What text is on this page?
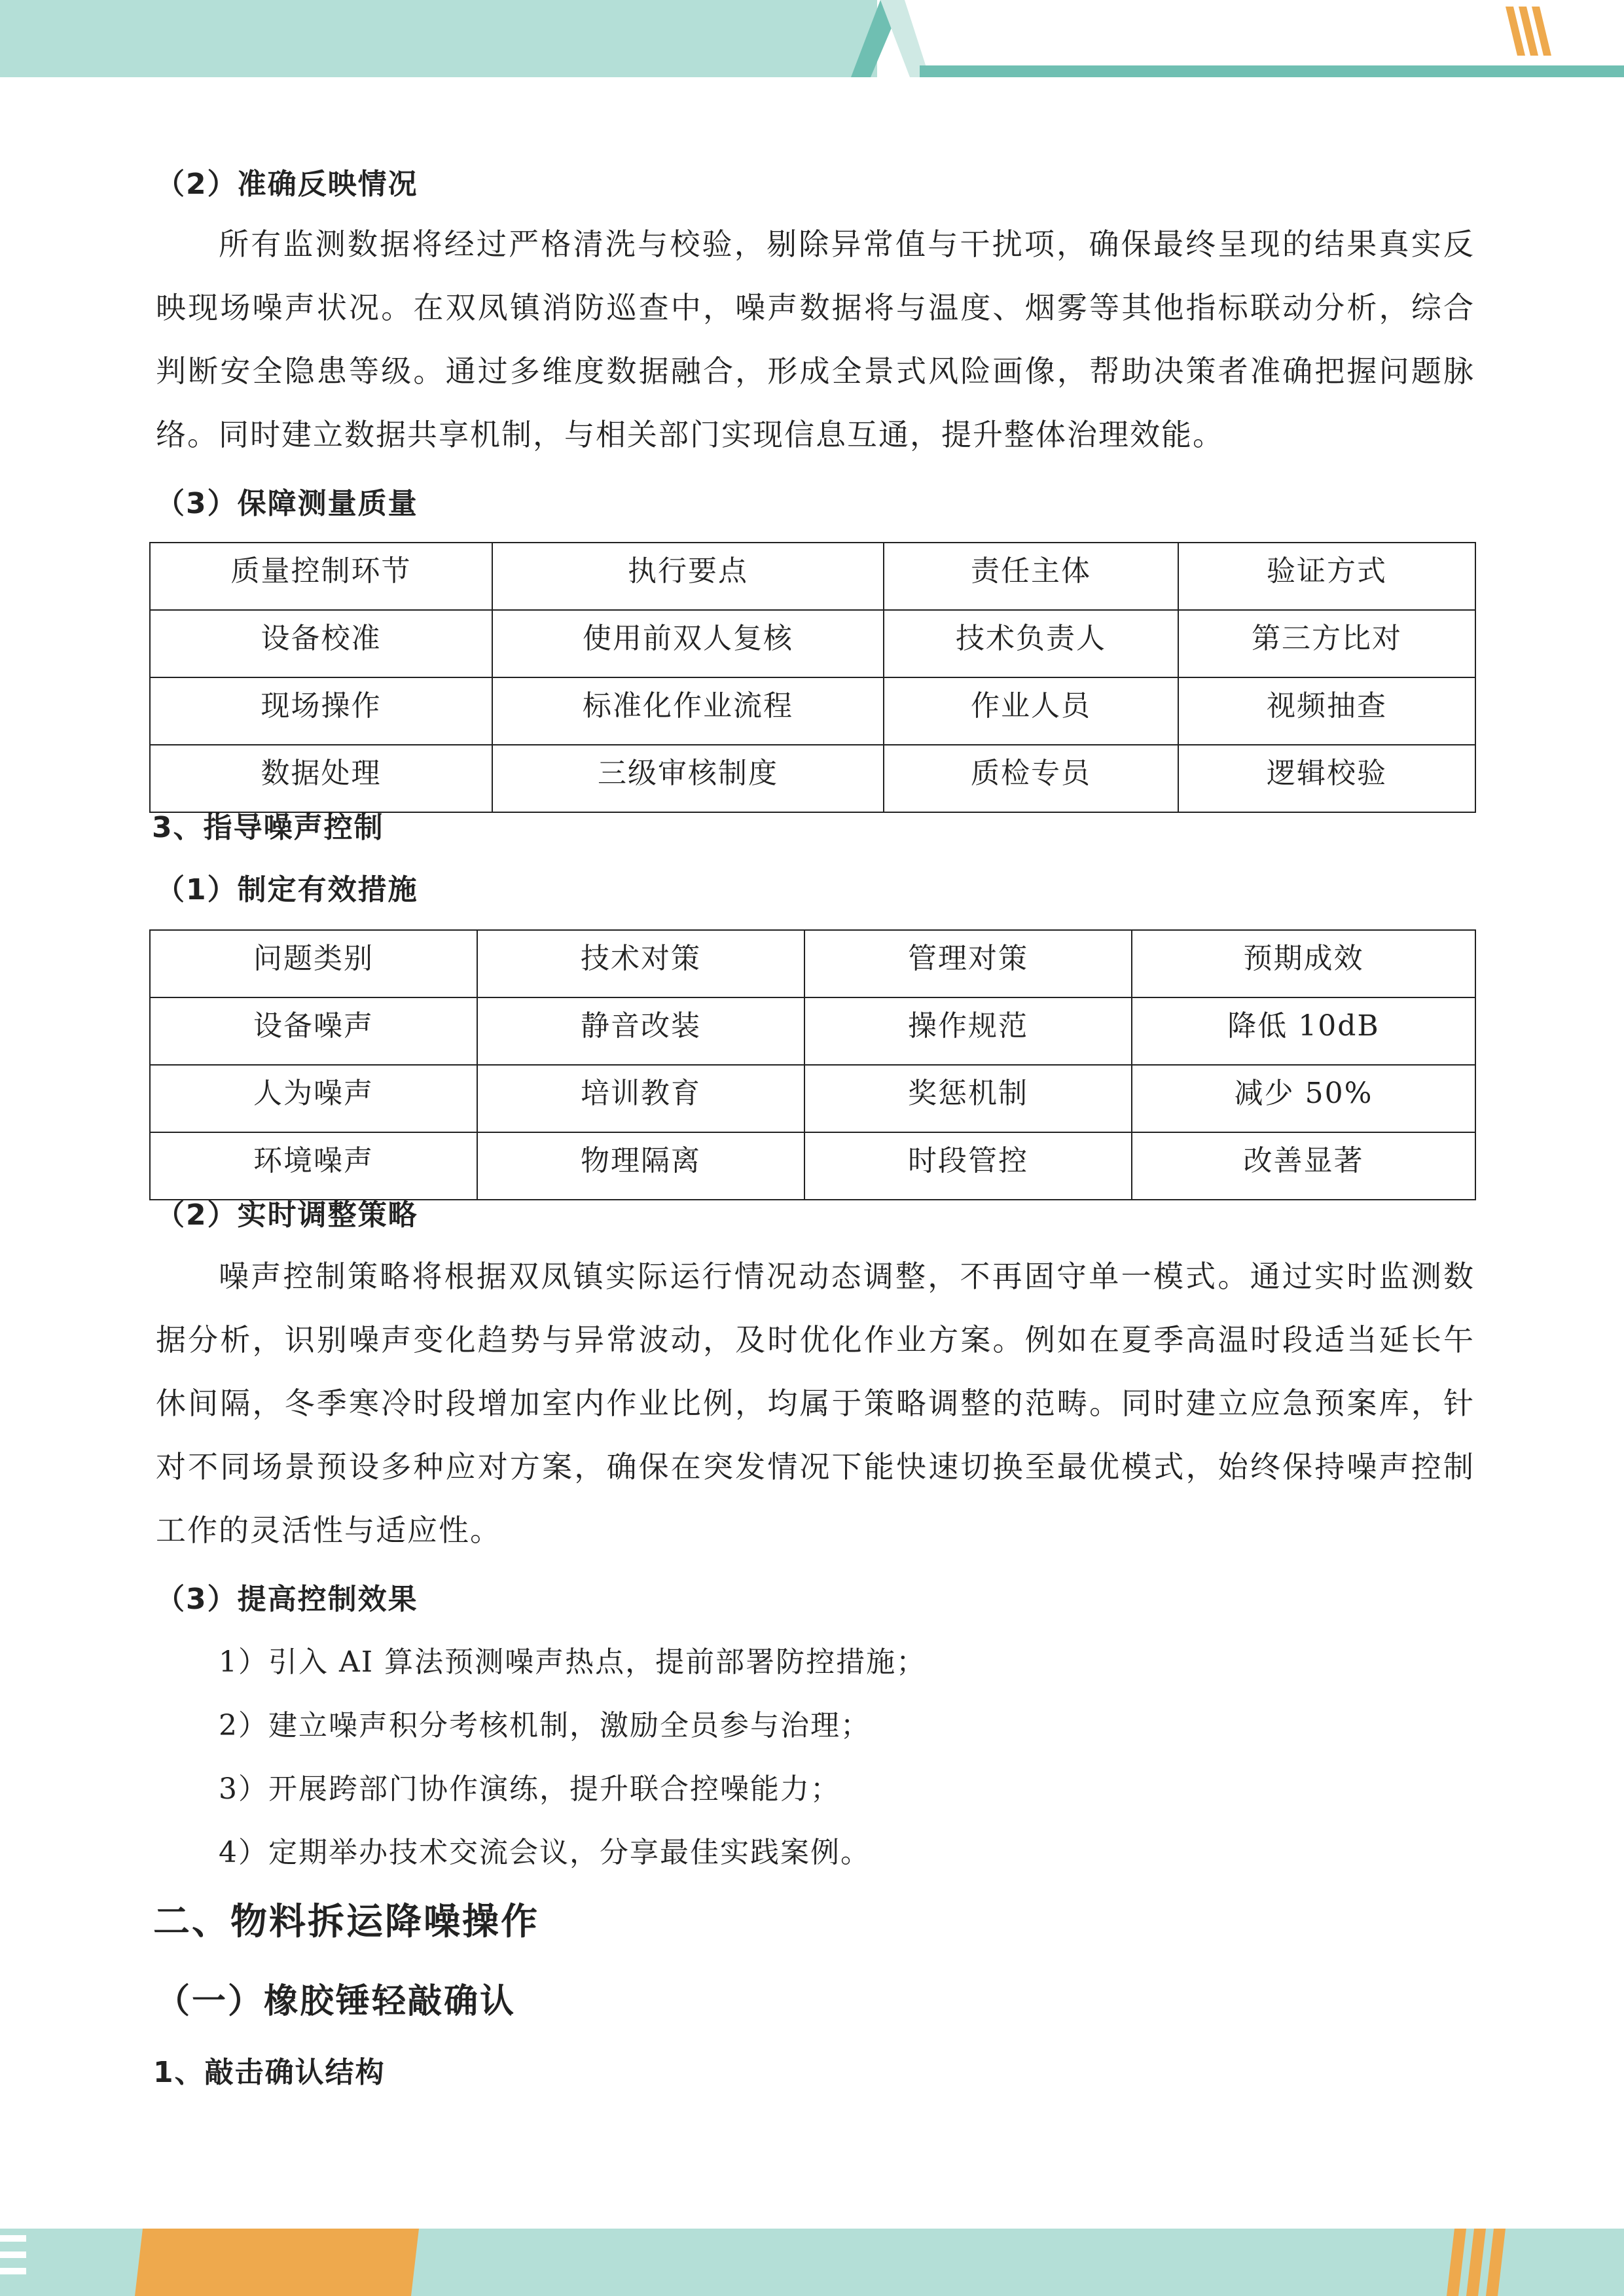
（2）准确反映情况

所有监测数据将经过严格清洗与校验，剔除异常值与干扰项，确保最终呈现的结果真实反映现场噪声状况。在双凤镇消防巡查中，噪声数据将与温度、烟雾等其他指标联动分析，综合判断安全隐患等级。通过多维度数据融合，形成全景式风险画像，帮助决策者准确把握问题脉络。同时建立数据共享机制，与相关部门实现信息互通，提升整体治理效能。

（3）保障测量质量
质量控制环节	执行要点	责任主体	验证方式
设备校准	使用前双人复核	技术负责人	第三方比对
现场操作	标准化作业流程	作业人员	视频抽查
数据处理	三级审核制度	质检专员	逻辑校验
3、指导噪声控制
（1）制定有效措施
问题类别	技术对策	管理对策	预期成效
设备噪声	静音改装	操作规范	降低 10dB
人为噪声	培训教育	奖惩机制	减少 50%
环境噪声	物理隔离	时段管控	改善显著
（2）实时调整策略

噪声控制策略将根据双凤镇实际运行情况动态调整，不再固守单一模式。通过实时监测数据分析，识别噪声变化趋势与异常波动，及时优化作业方案。例如在夏季高温时段适当延长午休间隔，冬季寒冷时段增加室内作业比例，均属于策略调整的范畴。同时建立应急预案库，针对不同场景预设多种应对方案，确保在突发情况下能快速切换至最优模式，始终保持噪声控制工作的灵活性与适应性。

（3）提高控制效果
1）引入 AI 算法预测噪声热点，提前部署防控措施；
2）建立噪声积分考核机制，激励全员参与治理；
3）开展跨部门协作演练，提升联合控噪能力；
4）定期举办技术交流会议，分享最佳实践案例。
二、物料拆运降噪操作
（一）橡胶锤轻敲确认
1、敲击确认结构
